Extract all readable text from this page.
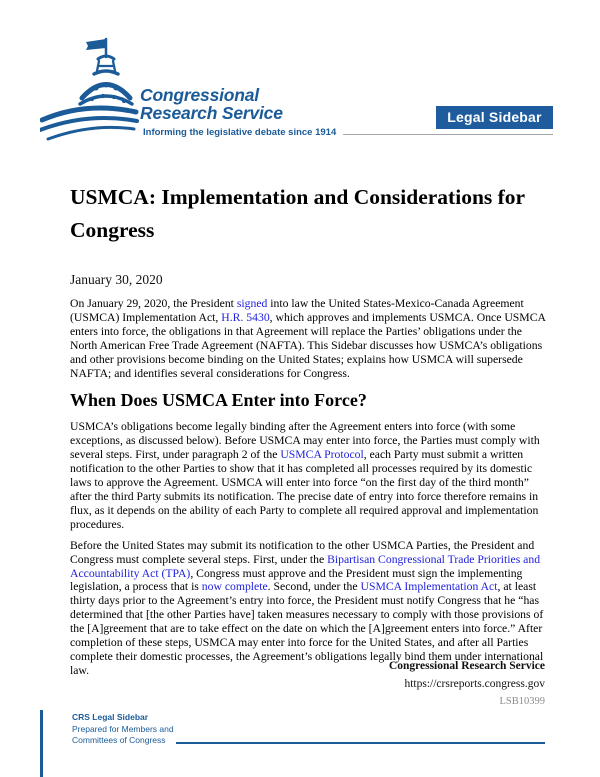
Congressional
Research Service
Informing the legislative debate since 1914
Legal Sidebar
USMCA: Implementation and Considerations for Congress
January 30, 2020

On January 29, 2020, the President signed into law the United States-Mexico-Canada Agreement (USMCA) Implementation Act, H.R. 5430, which approves and implements USMCA. Once USMCA enters into force, the obligations in that Agreement will replace the Parties’ obligations under the North American Free Trade Agreement (NAFTA). This Sidebar discusses how USMCA’s obligations and other provisions become binding on the United States; explains how USMCA will supersede NAFTA; and identifies several considerations for Congress.

When Does USMCA Enter into Force?

USMCA’s obligations become legally binding after the Agreement enters into force (with some exceptions, as discussed below). Before USMCA may enter into force, the Parties must comply with several steps. First, under paragraph 2 of the USMCA Protocol, each Party must submit a written notification to the other Parties to show that it has completed all processes required by its domestic laws to approve the Agreement. USMCA will enter into force “on the first day of the third month” after the third Party submits its notification. The precise date of entry into force therefore remains in flux, as it depends on the ability of each Party to complete all required approval and implementation procedures.

Before the United States may submit its notification to the other USMCA Parties, the President and Congress must complete several steps. First, under the Bipartisan Congressional Trade Priorities and Accountability Act (TPA), Congress must approve and the President must sign the implementing legislation, a process that is now complete. Second, under the USMCA Implementation Act, at least thirty days prior to the Agreement’s entry into force, the President must notify Congress that he “has determined that [the other Parties have] taken measures necessary to comply with those provisions of the [A]greement that are to take effect on the date on which the [A]greement enters into force.” After completion of these steps, USMCA may enter into force for the United States, and after all Parties complete their domestic processes, the Agreement’s obligations legally bind them under international law.	Congressional Research Service
https://crsreports.congress.gov
LSB10399
CRS Legal Sidebar
Prepared for Members and
Committees of Congress
